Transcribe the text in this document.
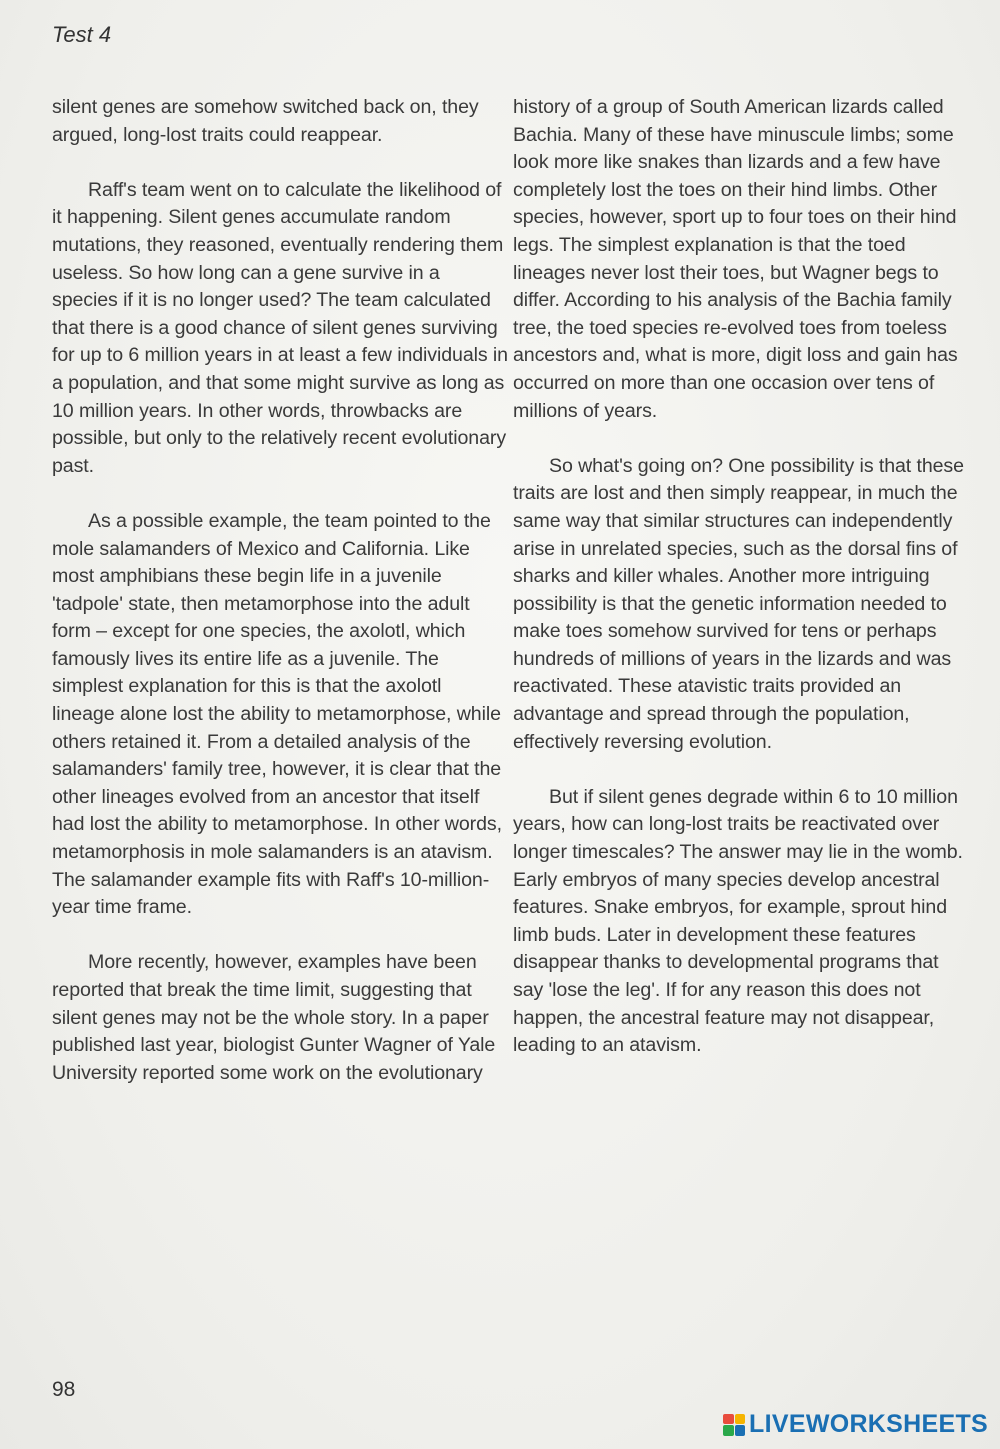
Test 4

silent genes are somehow switched back on, they argued, long-lost traits could reappear.

Raff's team went on to calculate the likelihood of it happening. Silent genes accumulate random mutations, they reasoned, eventually rendering them useless. So how long can a gene survive in a species if it is no longer used? The team calculated that there is a good chance of silent genes surviving for up to 6 million years in at least a few individuals in a population, and that some might survive as long as 10 million years. In other words, throwbacks are possible, but only to the relatively recent evolutionary past.

As a possible example, the team pointed to the mole salamanders of Mexico and California. Like most amphibians these begin life in a juvenile 'tadpole' state, then metamorphose into the adult form – except for one species, the axolotl, which famously lives its entire life as a juvenile. The simplest explanation for this is that the axolotl lineage alone lost the ability to metamorphose, while others retained it. From a detailed analysis of the salamanders' family tree, however, it is clear that the other lineages evolved from an ancestor that itself had lost the ability to metamorphose. In other words, metamorphosis in mole salamanders is an atavism. The salamander example fits with Raff's 10-million-year time frame.

More recently, however, examples have been reported that break the time limit, suggesting that silent genes may not be the whole story. In a paper published last year, biologist Gunter Wagner of Yale University reported some work on the evolutionary

history of a group of South American lizards called Bachia. Many of these have minuscule limbs; some look more like snakes than lizards and a few have completely lost the toes on their hind limbs. Other species, however, sport up to four toes on their hind legs. The simplest explanation is that the toed lineages never lost their toes, but Wagner begs to differ. According to his analysis of the Bachia family tree, the toed species re-evolved toes from toeless ancestors and, what is more, digit loss and gain has occurred on more than one occasion over tens of millions of years.

So what's going on? One possibility is that these traits are lost and then simply reappear, in much the same way that similar structures can independently arise in unrelated species, such as the dorsal fins of sharks and killer whales. Another more intriguing possibility is that the genetic information needed to make toes somehow survived for tens or perhaps hundreds of millions of years in the lizards and was reactivated. These atavistic traits provided an advantage and spread through the population, effectively reversing evolution.

But if silent genes degrade within 6 to 10 million years, how can long-lost traits be reactivated over longer timescales? The answer may lie in the womb. Early embryos of many species develop ancestral features. Snake embryos, for example, sprout hind limb buds. Later in development these features disappear thanks to developmental programs that say 'lose the leg'. If for any reason this does not happen, the ancestral feature may not disappear, leading to an atavism.

98
LIVEWORKSHEETS
